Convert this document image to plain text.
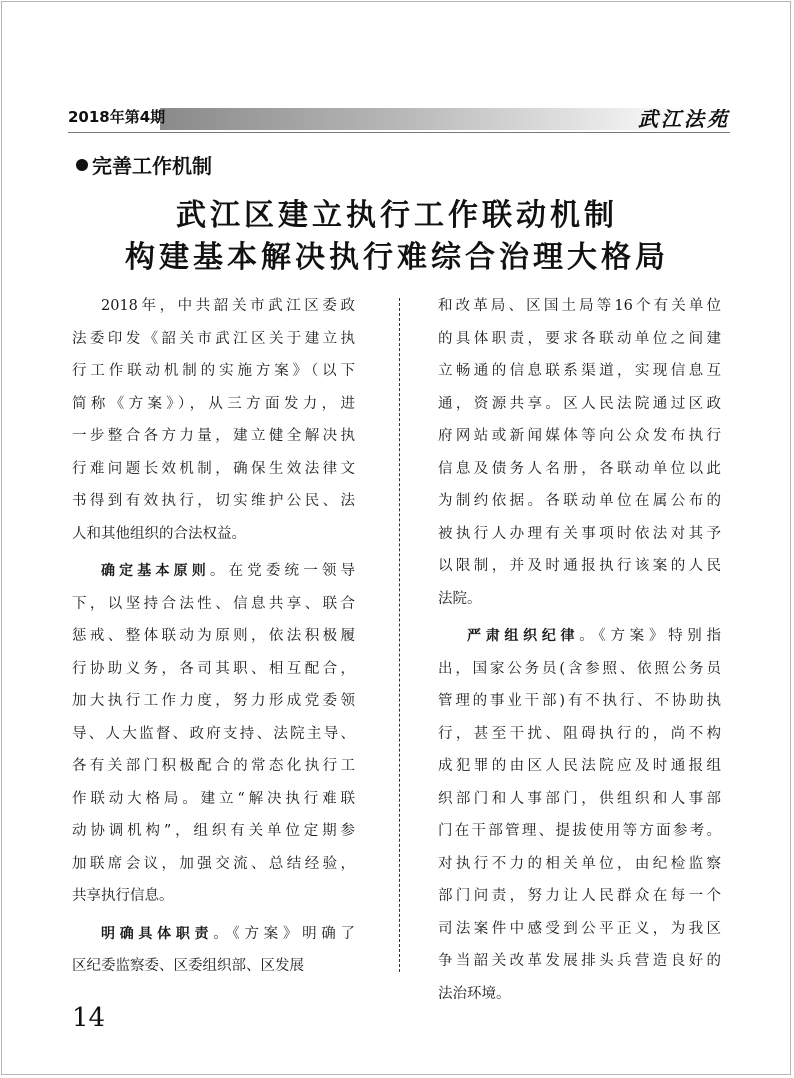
2018年第4期	武江法苑
完善工作机制
武江区建立执行工作联动机制
构建基本解决执行难综合治理大格局
2018年，中共韶关市武江区委政
法委印发《韶关市武江区关于建立执
行工作联动机制的实施方案》（以下
简称《方案》），从三方面发力，进
一步整合各方力量，建立健全解决执
行难问题长效机制，确保生效法律文
书得到有效执行，切实维护公民、法
人和其他组织的合法权益。
确定基本原则。在党委统一领导
下，以坚持合法性、信息共享、联合
惩戒、整体联动为原则，依法积极履
行协助义务，各司其职、相互配合，
加大执行工作力度，努力形成党委领
导、人大监督、政府支持、法院主导、
各有关部门积极配合的常态化执行工
作联动大格局。建立“解决执行难联
动协调机构”，组织有关单位定期参
加联席会议，加强交流、总结经验，
共享执行信息。
明确具体职责。《方案》明确了
区纪委监察委、区委组织部、区发展
和改革局、区国土局等16个有关单位
的具体职责，要求各联动单位之间建
立畅通的信息联系渠道，实现信息互
通，资源共享。区人民法院通过区政
府网站或新闻媒体等向公众发布执行
信息及债务人名册，各联动单位以此
为制约依据。各联动单位在属公布的
被执行人办理有关事项时依法对其予
以限制，并及时通报执行该案的人民
法院。
严肃组织纪律。《方案》特别指
出，国家公务员(含参照、依照公务员
管理的事业干部)有不执行、不协助执
行，甚至干扰、阻碍执行的，尚不构
成犯罪的由区人民法院应及时通报组
织部门和人事部门，供组织和人事部
门在干部管理、提拔使用等方面参考。
对执行不力的相关单位，由纪检监察
部门问责，努力让人民群众在每一个
司法案件中感受到公平正义，为我区
争当韶关改革发展排头兵营造良好的
法治环境。
14
